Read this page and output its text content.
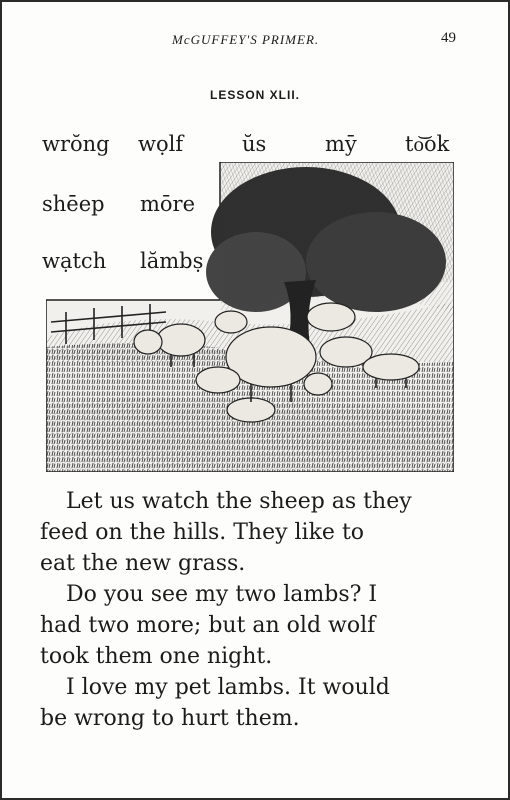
McGUFFEY'S PRIMER.	49
LESSON XLII.
wrŏng wọlf	ŭs	mȳ to͝ok
shēep mōre
wạtch lămbṣ

Let us watch the sheep as they
feed on the hills. They like to
eat the new grass.

Do you see my two lambs? I
had two more; but an old wolf
took them one night.

I love my pet lambs. It would
be wrong to hurt them.
